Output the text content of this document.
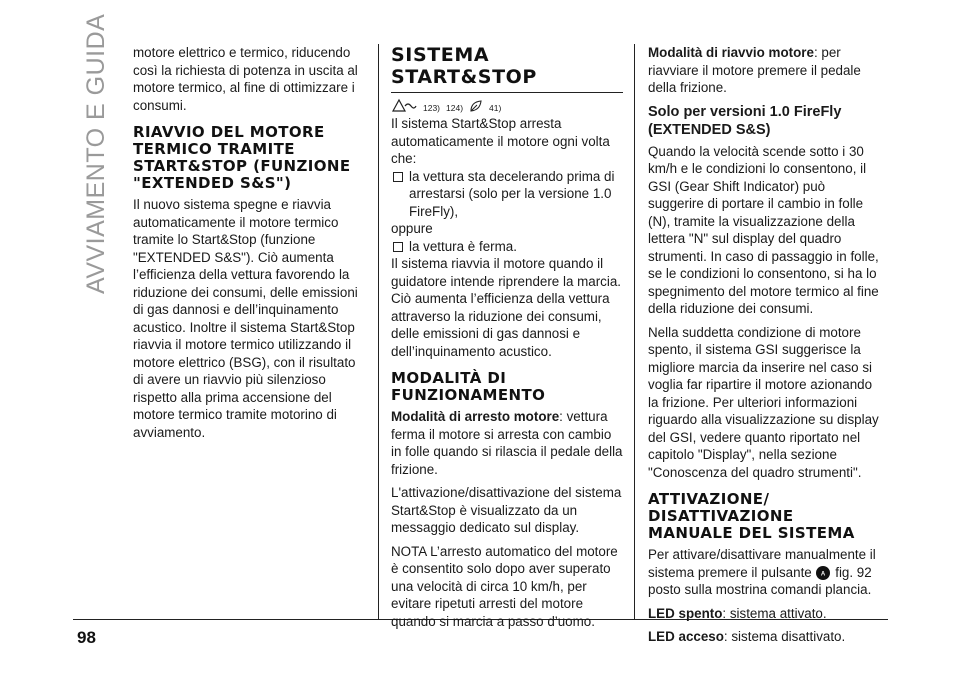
AVVIAMENTO E GUIDA
98

motore elettrico e termico, riducendo così la richiesta di potenza in uscita al motore termico, al fine di ottimizzare i consumi.

RIAVVIO DEL MOTORE TERMICO TRAMITE START&STOP (FUNZIONE "EXTENDED S&S")

Il nuovo sistema spegne e riavvia automaticamente il motore termico tramite lo Start&Stop (funzione "EXTENDED S&S"). Ciò aumenta l’efficienza della vettura favorendo la riduzione dei consumi, delle emissioni di gas dannosi e dell’inquinamento acustico. Inoltre il sistema Start&Stop riavvia il motore termico utilizzando il motore elettrico (BSG), con il risultato di avere un riavvio più silenzioso rispetto alla prima accensione del motore termico tramite motorino di avviamento.

SISTEMA START&STOP
123) 124)	41)

Il sistema Start&Stop arresta automaticamente il motore ogni volta che:

la vettura sta decelerando prima di arrestarsi (solo per la versione 1.0 FireFly),

oppure

la vettura è ferma.

Il sistema riavvia il motore quando il guidatore intende riprendere la marcia. Ciò aumenta l’efficienza della vettura attraverso la riduzione dei consumi, delle emissioni di gas dannosi e dell’inquinamento acustico.

MODALITÀ DI FUNZIONAMENTO

Modalità di arresto motore: vettura ferma il motore si arresta con cambio in folle quando si rilascia il pedale della frizione.

L'attivazione/disattivazione del sistema Start&Stop è visualizzato da un messaggio dedicato sul display.

NOTA L’arresto automatico del motore è consentito solo dopo aver superato una velocità di circa 10 km/h, per evitare ripetuti arresti del motore quando si marcia a passo d’uomo.

Modalità di riavvio motore: per riavviare il motore premere il pedale della frizione.

Solo per versioni 1.0 FireFly (EXTENDED S&S)

Quando la velocità scende sotto i 30 km/h e le condizioni lo consentono, il GSI (Gear Shift Indicator) può suggerire di portare il cambio in folle (N), tramite la visualizzazione della lettera "N" sul display del quadro strumenti. In caso di passaggio in folle, se le condizioni lo consentono, si ha lo spegnimento del motore termico al fine della riduzione dei consumi.

Nella suddetta condizione di motore spento, il sistema GSI suggerisce la migliore marcia da inserire nel caso si voglia far ripartire il motore azionando la frizione. Per ulteriori informazioni riguardo alla visualizzazione su display del GSI, vedere quanto riportato nel capitolo "Display", nella sezione "Conoscenza del quadro strumenti".

ATTIVAZIONE/ DISATTIVAZIONE MANUALE DEL SISTEMA

Per attivare/disattivare manualmente il sistema premere il pulsante A fig. 92 posto sulla mostrina comandi plancia.

LED spento: sistema attivato.

LED acceso: sistema disattivato.
